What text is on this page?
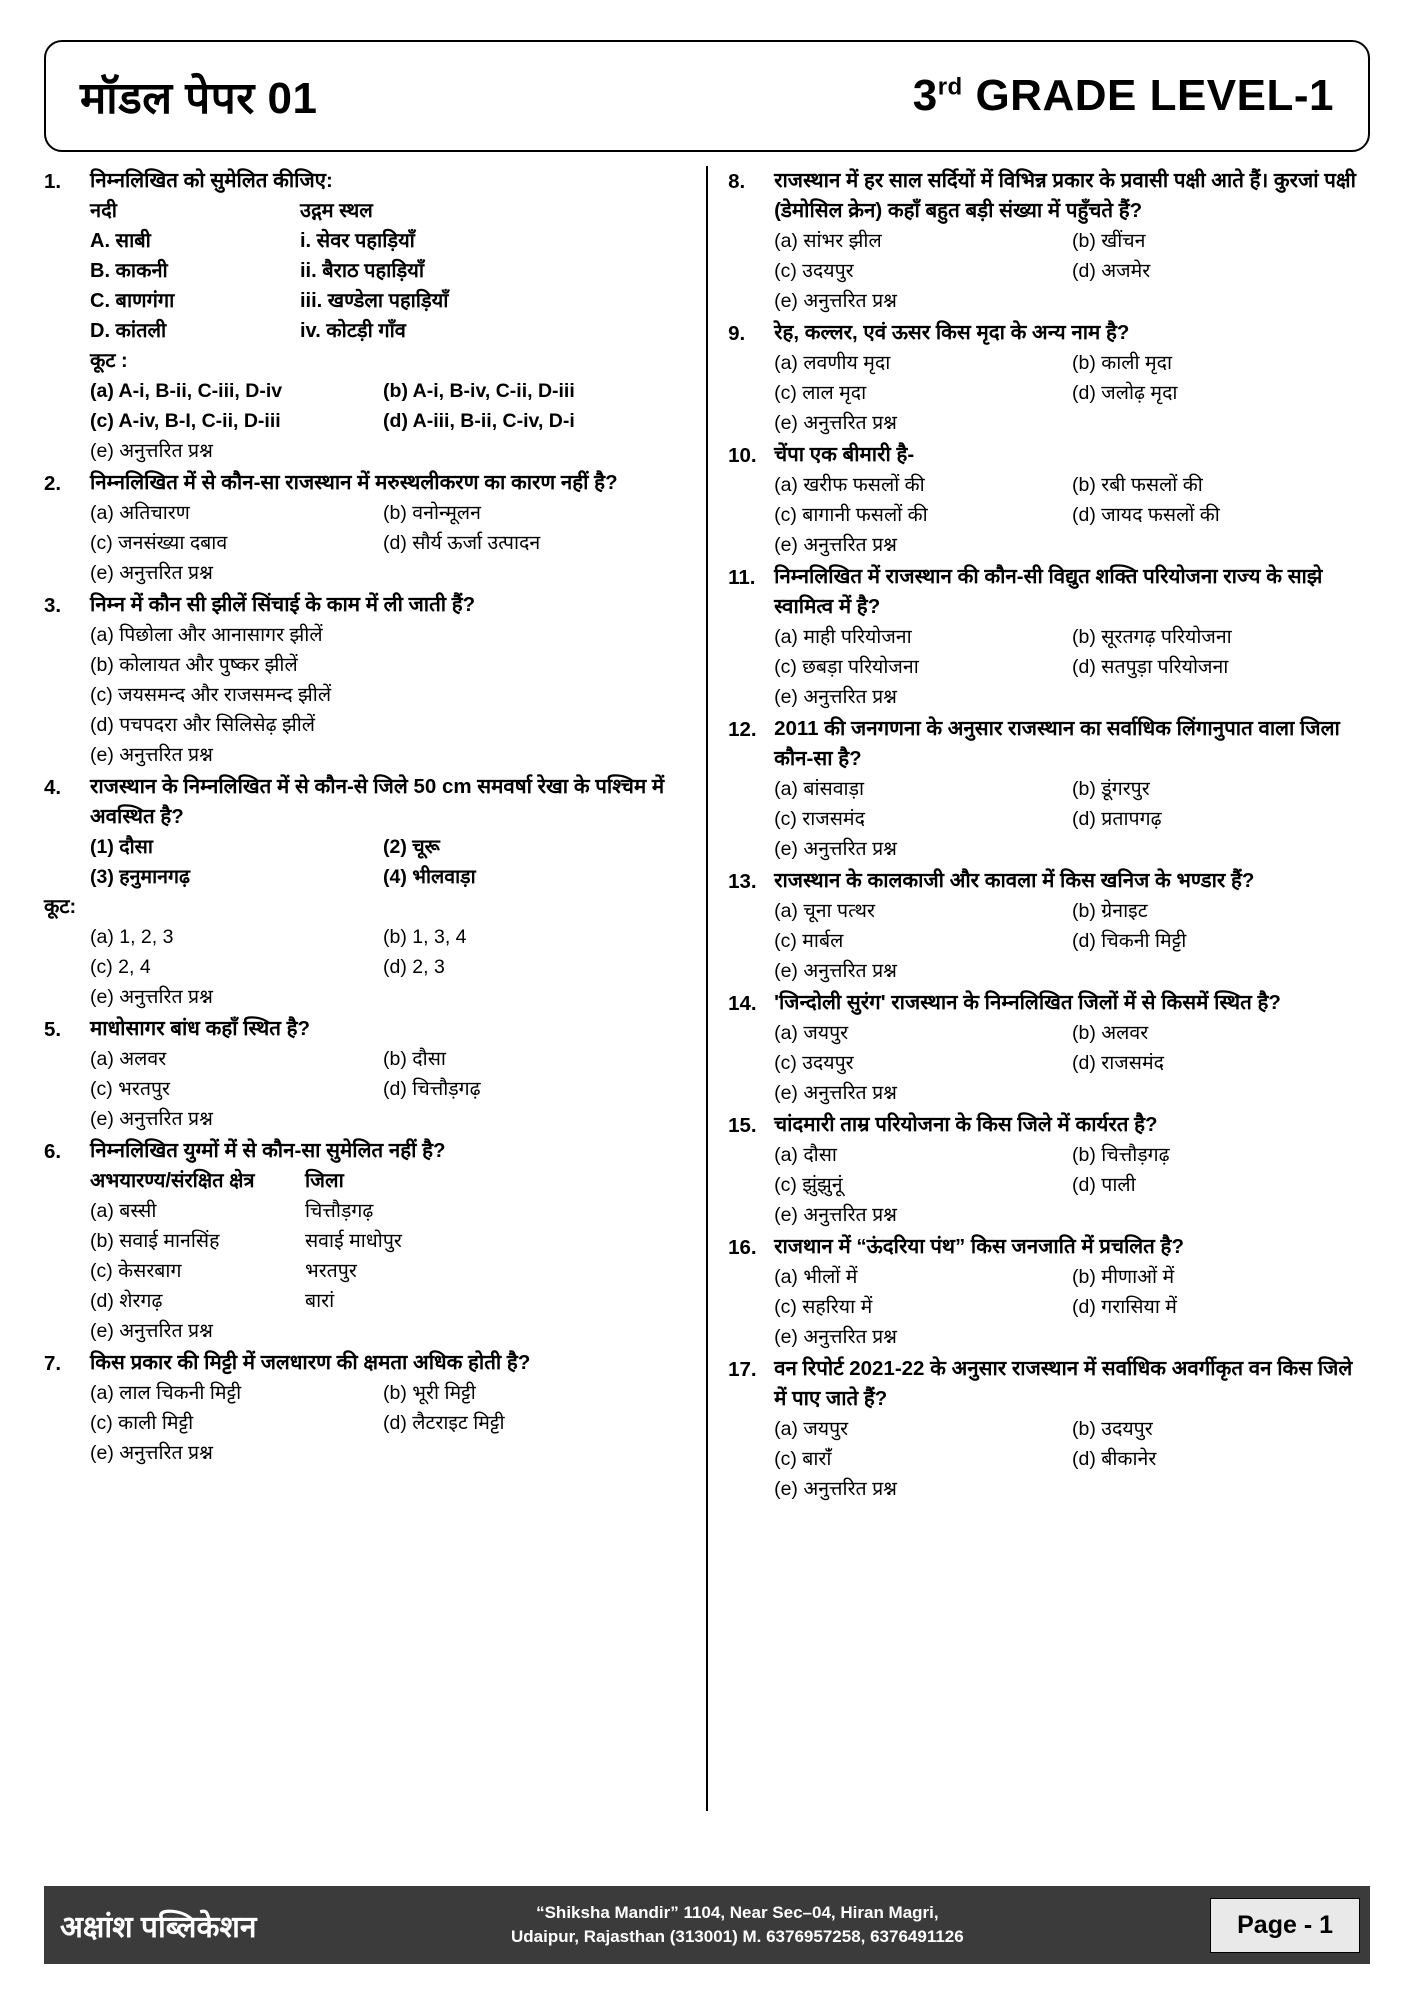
मॉडल पेपर 01	3rd GRADE LEVEL-1
1.	निम्नलिखित को सुमेलित कीजिए:
नदी	उद्गम स्थल
A. साबी	i. सेवर पहाड़ियाँ
B. काकनी	ii. बैराठ पहाड़ियाँ
C. बाणगंगा	iii. खण्डेला पहाड़ियाँ
D. कांतली	iv. कोटड़ी गाँव
कूट :
(a) A-i, B-ii, C-iii, D-iv	(b) A-i, B-iv, C-ii, D-iii
(c) A-iv, B-I, C-ii, D-iii	(d) A-iii, B-ii, C-iv, D-i
(e) अनुत्तरित प्रश्न
2.	निम्नलिखित में से कौन-सा राजस्थान में मरुस्थलीकरण का कारण नहीं है?
(a) अतिचारण	(b) वनोन्मूलन
(c) जनसंख्या दबाव	(d) सौर्य ऊर्जा उत्पादन
(e) अनुत्तरित प्रश्न
3.	निम्न में कौन सी झीलें सिंचाई के काम में ली जाती हैं?
(a) पिछोला और आनासागर झीलें
(b) कोलायत और पुष्कर झीलें
(c) जयसमन्द और राजसमन्द झीलें
(d) पचपदरा और सिलिसेढ़ झीलें
(e) अनुत्तरित प्रश्न
4.	राजस्थान के निम्नलिखित में से कौन-से जिले 50 cm समवर्षा रेखा के पश्चिम में अवस्थित है?
(1) दौसा	(2) चूरू
(3) हनुमानगढ़	(4) भीलवाड़ा
कूट:
(a) 1, 2, 3	(b) 1, 3, 4
(c) 2, 4	(d) 2, 3
(e) अनुत्तरित प्रश्न
5.	माधोसागर बांध कहाँ स्थित है?
(a) अलवर	(b) दौसा
(c) भरतपुर	(d) चित्तौड़गढ़
(e) अनुत्तरित प्रश्न
6.	निम्नलिखित युग्मों में से कौन-सा सुमेलित नहीं है?
अभयारण्य/संरक्षित क्षेत्र	जिला
(a) बस्सी	चित्तौड़गढ़
(b) सवाई मानसिंह	सवाई माधोपुर
(c) केसरबाग	भरतपुर
(d) शेरगढ़	बारां
(e) अनुत्तरित प्रश्न
7.	किस प्रकार की मिट्टी में जलधारण की क्षमता अधिक होती है?
(a) लाल चिकनी मिट्टी	(b) भूरी मिट्टी
(c) काली मिट्टी	(d) लैटराइट मिट्टी
(e) अनुत्तरित प्रश्न
8.	राजस्थान में हर साल सर्दियों में विभिन्न प्रकार के प्रवासी पक्षी आते हैं। कुरजां पक्षी (डेमोसिल क्रेन) कहाँ बहुत बड़ी संख्या में पहुँचते हैं?
(a) सांभर झील	(b) खींचन
(c) उदयपुर	(d) अजमेर
(e) अनुत्तरित प्रश्न
9.	रेह, कल्लर, एवं ऊसर किस मृदा के अन्य नाम है?
(a) लवणीय मृदा	(b) काली मृदा
(c) लाल मृदा	(d) जलोढ़ मृदा
(e) अनुत्तरित प्रश्न
10. चेंपा एक बीमारी है-
(a) खरीफ फसलों की	(b) रबी फसलों की
(c) बागानी फसलों की	(d) जायद फसलों की
(e) अनुत्तरित प्रश्न
11. निम्नलिखित में राजस्थान की कौन-सी विद्युत शक्ति परियोजना राज्य के साझे स्वामित्व में है?
(a) माही परियोजना	(b) सूरतगढ़ परियोजना
(c) छबड़ा परियोजना	(d) सतपुड़ा परियोजना
(e) अनुत्तरित प्रश्न
12. 2011 की जनगणना के अनुसार राजस्थान का सर्वाधिक लिंगानुपात वाला जिला कौन-सा है?
(a) बांसवाड़ा	(b) डूंगरपुर
(c) राजसमंद	(d) प्रतापगढ़
(e) अनुत्तरित प्रश्न
13. राजस्थान के कालकाजी और कावला में किस खनिज के भण्डार हैं?
(a) चूना पत्थर	(b) ग्रेनाइट
(c) मार्बल	(d) चिकनी मिट्टी
(e) अनुत्तरित प्रश्न
14. 'जिन्दोली सुरंग' राजस्थान के निम्नलिखित जिलों में से किसमें स्थित है?
(a) जयपुर	(b) अलवर
(c) उदयपुर	(d) राजसमंद
(e) अनुत्तरित प्रश्न
15. चांदमारी ताम्र परियोजना के किस जिले में कार्यरत है?
(a) दौसा	(b) चित्तौड़गढ़
(c) झुंझुनूं	(d) पाली
(e) अनुत्तरित प्रश्न
16. राजथान में “ऊंदरिया पंथ” किस जनजाति में प्रचलित है?
(a) भीलों में	(b) मीणाओं में
(c) सहरिया में	(d) गरासिया में
(e) अनुत्तरित प्रश्न
17. वन रिपोर्ट 2021-22 के अनुसार राजस्थान में सर्वाधिक अवर्गीकृत वन किस जिले में पाए जाते हैं?
(a) जयपुर	(b) उदयपुर
(c) बारांँ	(d) बीकानेर
(e) अनुत्तरित प्रश्न
अक्षांश पब्लिकेशन	“Shiksha Mandir” 1104, Near Sec–04, Hiran Magri,
Udaipur, Rajasthan (313001) M. 6376957258, 6376491126	Page - 1
